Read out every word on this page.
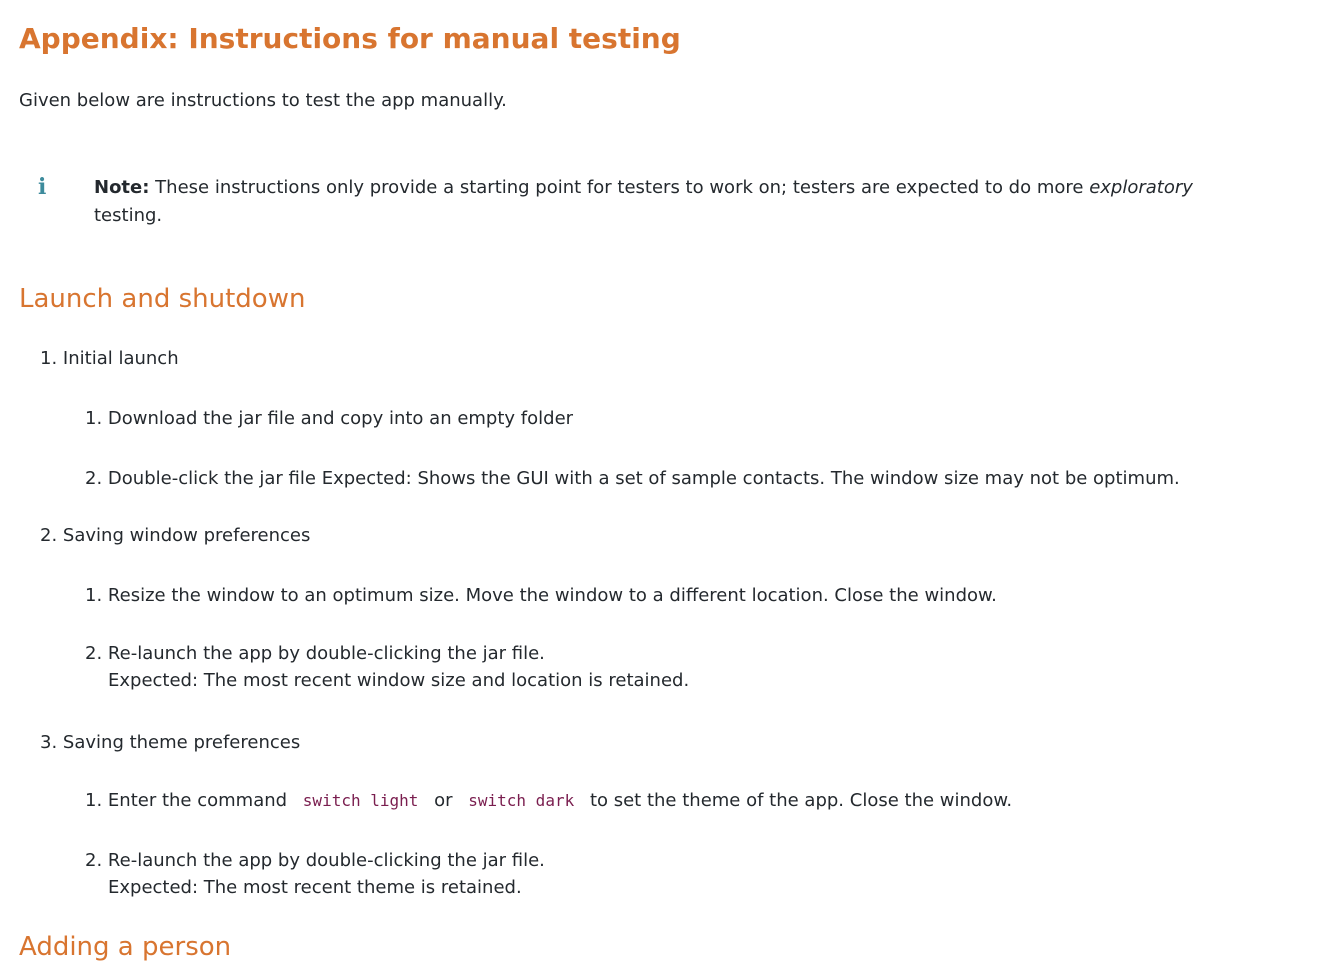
Appendix: Instructions for manual testing

Given below are instructions to test the app manually.

i	Note: These instructions only provide a starting point for testers to work on; testers are expected to do more exploratory testing.

Launch and shutdown

1. Initial launch

1. Download the jar file and copy into an empty folder

2. Double-click the jar file Expected: Shows the GUI with a set of sample contacts. The window size may not be optimum.

2. Saving window preferences

1. Resize the window to an optimum size. Move the window to a different location. Close the window.

2. Re-launch the app by double-clicking the jar file.
Expected: The most recent window size and location is retained.

3. Saving theme preferences

1. Enter the command switch light or switch dark to set the theme of the app. Close the window.

2. Re-launch the app by double-clicking the jar file.
Expected: The most recent theme is retained.

Adding a person
